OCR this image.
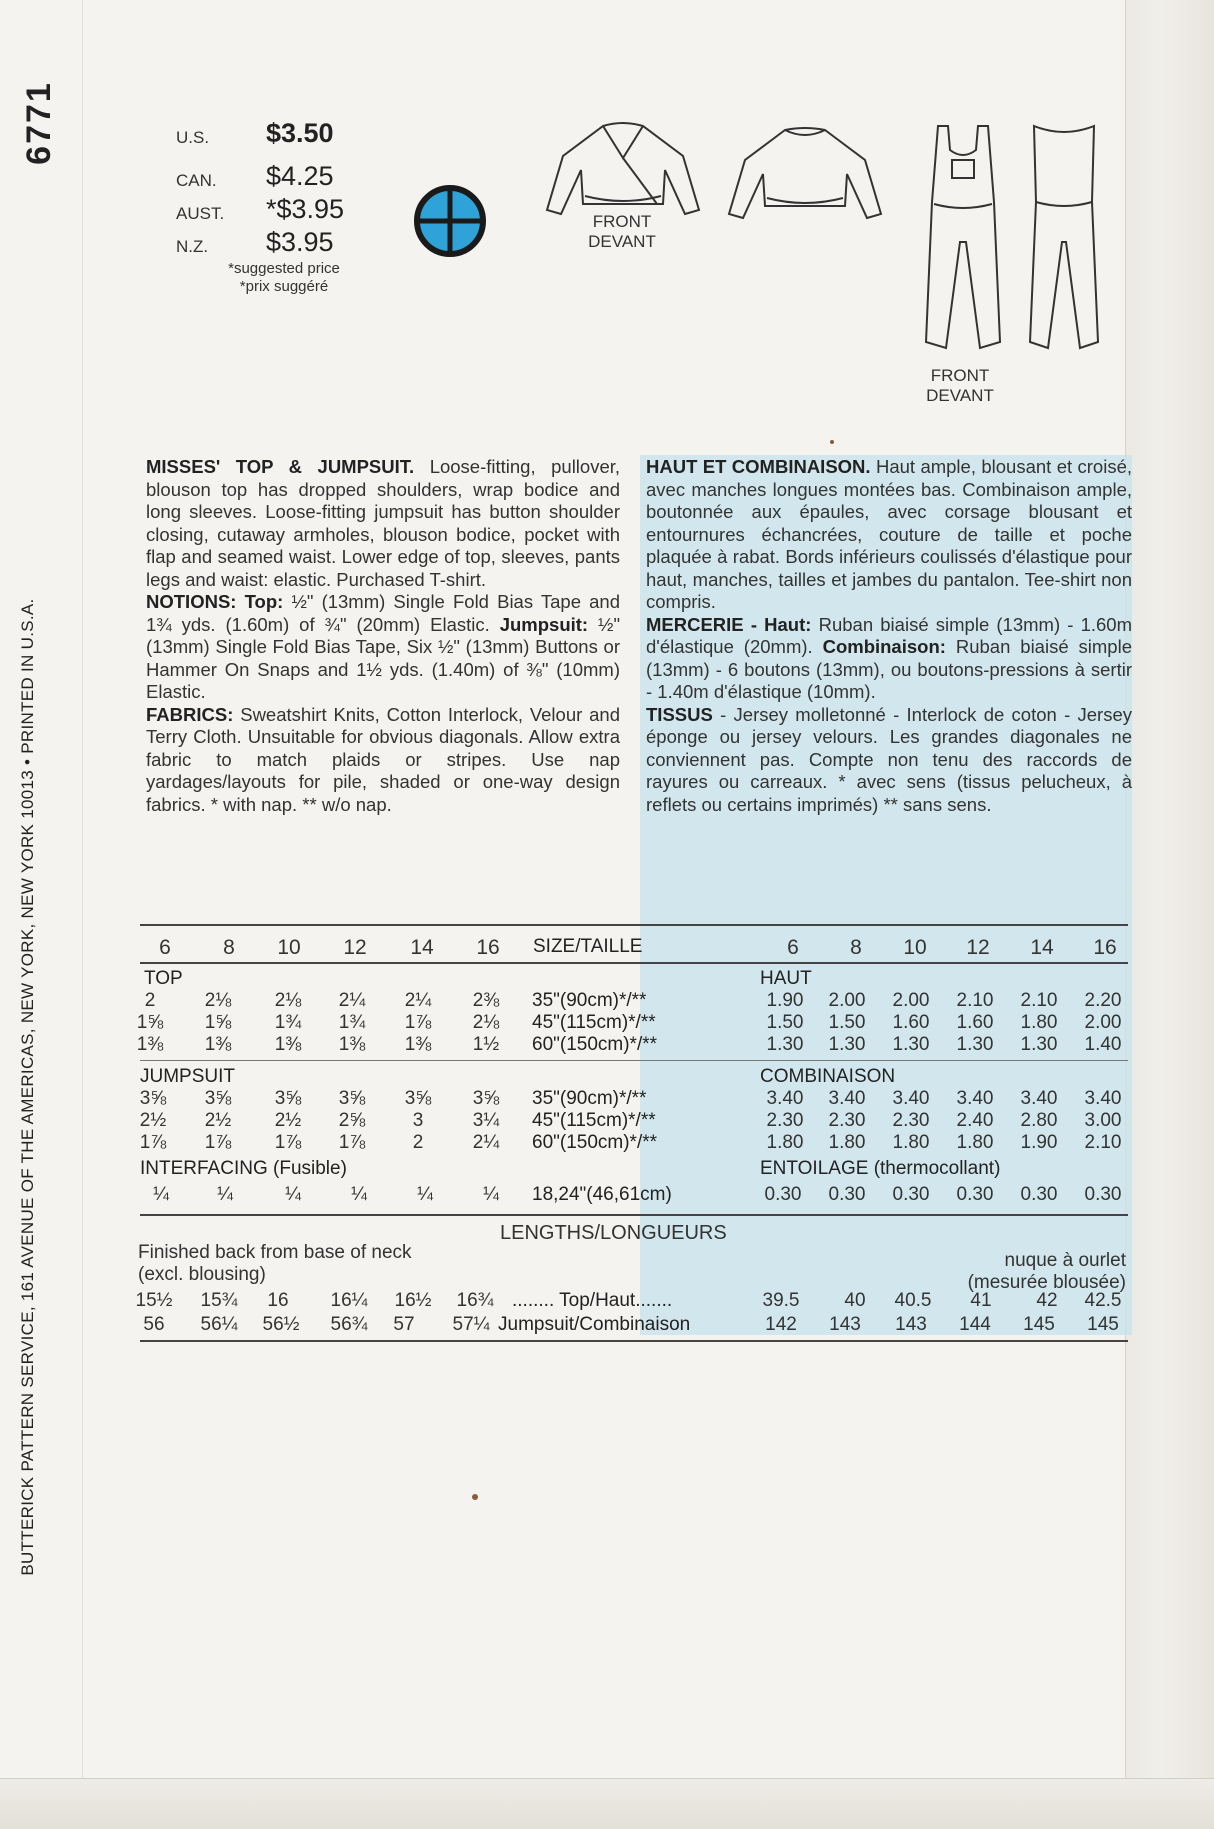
6771
BUTTERICK PATTERN SERVICE, 161 AVENUE OF THE AMERICAS, NEW YORK, NEW YORK 10013 • PRINTED IN U.S.A.
U.S. $3.50
CAN. $4.25
AUST. *$3.95
N.Z. $3.95
*suggested price
*prix suggéré
FRONT
DEVANT
FRONT
DEVANT
MISSES' TOP & JUMPSUIT. Loose-fitting, pullover, blouson top has dropped shoulders, wrap bodice and long sleeves. Loose-fitting jumpsuit has button shoulder closing, cutaway armholes, blouson bodice, pocket with flap and seamed waist. Lower edge of top, sleeves, pants legs and waist: elastic. Purchased T-shirt.
NOTIONS: Top: ½" (13mm) Single Fold Bias Tape and 1¾ yds. (1.60m) of ¾" (20mm) Elastic. Jumpsuit: ½" (13mm) Single Fold Bias Tape, Six ½" (13mm) Buttons or Hammer On Snaps and 1½ yds. (1.40m) of ⅜" (10mm) Elastic.
FABRICS: Sweatshirt Knits, Cotton Interlock, Velour and Terry Cloth. Unsuitable for obvious diagonals. Allow extra fabric to match plaids or stripes. Use nap yardages/layouts for pile, shaded or one-way design fabrics. * with nap. ** w/o nap.
HAUT ET COMBINAISON. Haut ample, blousant et croisé, avec manches longues montées bas. Combinaison ample, boutonnée aux épaules, avec corsage blousant et entournures échancrées, couture de taille et poche plaquée à rabat. Bords inférieurs coulissés d'élastique pour haut, manches, tailles et jambes du pantalon. Tee-shirt non compris.
MERCERIE - Haut: Ruban biaisé simple (13mm) - 1.60m d'élastique (20mm). Combinaison: Ruban biaisé simple (13mm) - 6 boutons (13mm), ou boutons-pressions à sertir - 1.40m d'élastique (10mm).
TISSUS - Jersey molletonné - Interlock de coton - Jersey éponge ou jersey velours. Les grandes diagonales ne conviennent pas. Compte non tenu des raccords de rayures ou carreaux. * avec sens (tissus pelucheux, à reflets ou certains imprimés) ** sans sens.
6	8	10 12 14 16 SIZE/TAILLE	6	8	10 12 14 16
TOP	HAUT
2	2⅛ 2⅛ 2¼ 2¼ 2⅜ 35"(90cm)*/**	1.90	2.00	2.00	2.10	2.10	2.20
1⅝ 1⅝ 1¾ 1¾ 1⅞ 2⅛ 45"(115cm)*/**	1.50	1.50	1.60	1.60	1.80	2.00
1⅜ 1⅜ 1⅜ 1⅜ 1⅜ 1½ 60"(150cm)*/**	1.30	1.30	1.30	1.30	1.30	1.40
JUMPSUIT	COMBINAISON
3⅝ 3⅝ 3⅝ 3⅝ 3⅝ 3⅝ 35"(90cm)*/**	3.40	3.40	3.40	3.40	3.40	3.40
2½ 2½ 2½ 2⅝	3	3¼ 45"(115cm)*/**	2.30	2.30	2.30	2.40	2.80	3.00
1⅞ 1⅞ 1⅞ 1⅞	2	2¼ 60"(150cm)*/**	1.80	1.80	1.80	1.80	1.90	2.10
INTERFACING (Fusible)	ENTOILAGE (thermocollant)
¼	¼	¼	¼	¼	¼	18,24"(46,61cm)	0.30	0.30	0.30	0.30	0.30	0.30
LENGTHS/LONGUEURS
Finished back from base of neck
(excl. blousing)
nuque à ourlet
(mesurée blousée)
15½ 15¾	16	16¼ 16½ 16¾ ........ Top/Haut.......	39.5	40	40.5	41	42	42.5
56	56¼ 56½ 56¾	57	57¼ Jumpsuit/Combinaison	142	143	143	144	145	145
